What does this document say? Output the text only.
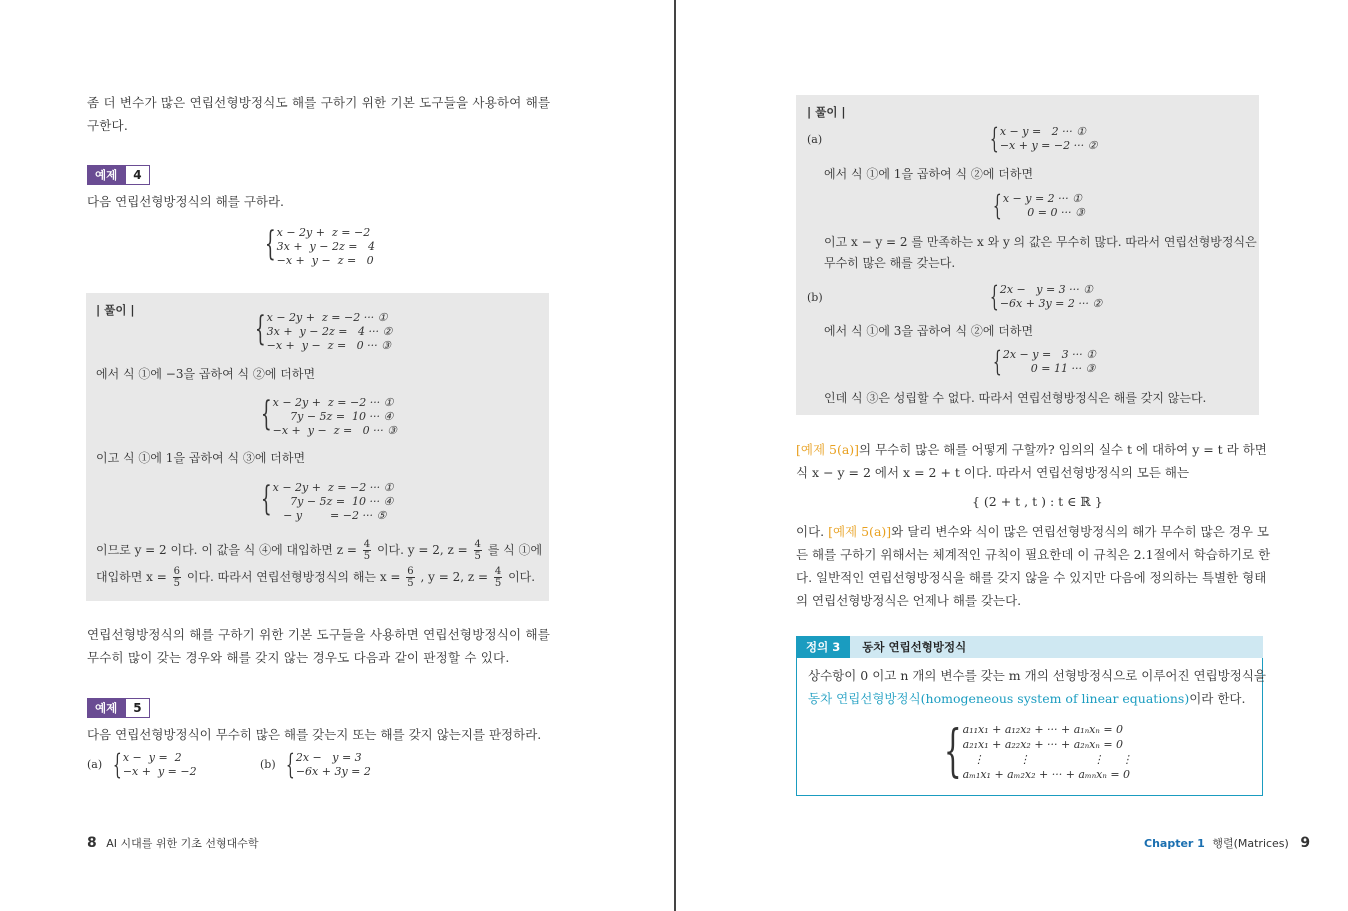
좀 더 변수가 많은 연립선형방정식도 해를 구하기 위한 기본 도구들을 사용하여 해를 구한다.
예제	4
다음 연립선형방정식의 해를 구하라.
{ x − 2y +  z = −2
3x +  y − 2z =   4
−x +  y −  z =   0
| 풀이 |	{ x − 2y +  z = −2 ··· ①
3x +  y − 2z =   4 ··· ②
−x +  y −  z =   0 ··· ③
에서 식 ①에 −3을 곱하여 식 ②에 더하면
{ x − 2y +  z = −2 ··· ①
7y − 5z =  10 ··· ④
−x +  y −  z =   0 ··· ③
이고 식 ①에 1을 곱하여 식 ③에 더하면
{ x − 2y +  z = −2 ··· ①
7y − 5z =  10 ··· ④
− y        = −2 ··· ⑤
이므로 y = 2 이다. 이 값을 식 ④에 대입하면 $z = \frac{4}{5}$ 이다. y = 2, $z = \frac{4}{5}$ 를 식 ①에
대입하면 $x = \frac{6}{5}$ 이다. 따라서 연립선형방정식의 해는 $x = \frac{6}{5}$ , y = 2, $z = \frac{4}{5}$ 이다.
연립선형방정식의 해를 구하기 위한 기본 도구들을 사용하면 연립선형방정식이 해를 무수히 많이 갖는 경우와 해를 갖지 않는 경우도 다음과 같이 판정할 수 있다.
예제	5
다음 연립선형방정식이 무수히 많은 해를 갖는지 또는 해를 갖지 않는지를 판정하라.
(a) { x −  y =  2
−x +  y = −2
(b) { 2x −   y = 3
−6x + 3y = 2
8 AI 시대를 위한 기초 선형대수학
| 풀이 |
(a)	{ x − y =   2 ··· ①
−x + y = −2 ··· ②
에서 식 ①에 1을 곱하여 식 ②에 더하면
{ x − y = 2 ··· ①
0 = 0 ··· ③
이고 x − y = 2 를 만족하는 x 와 y 의 값은 무수히 많다. 따라서 연립선형방정식은
무수히 많은 해를 갖는다.
(b)	{ 2x −   y = 3 ··· ①
−6x + 3y = 2 ··· ②
에서 식 ①에 3을 곱하여 식 ②에 더하면
{ 2x − y =   3 ··· ①
0 = 11 ··· ③
인데 식 ③은 성립할 수 없다. 따라서 연립선형방정식은 해를 갖지 않는다.
[예제 5(a)]의 무수히 많은 해를 어떻게 구할까? 임의의 실수 t 에 대하여 y = t 라 하면
식 x − y = 2 에서 x = 2 + t 이다. 따라서 연립선형방정식의 모든 해는
{ (2 + t , t ) : t ∈ ℝ }
이다. [예제 5(a)]와 달리 변수와 식이 많은 연립선형방정식의 해가 무수히 많은 경우 모
든 해를 구하기 위해서는 체계적인 규칙이 필요한데 이 규칙은 2.1절에서 학습하기로 한
다. 일반적인 연립선형방정식을 해를 갖지 않을 수 있지만 다음에 정의하는 특별한 형태
의 연립선형방정식은 언제나 해를 갖는다.
정의 3	동차 연립선형방정식
상수항이 0 이고 n 개의 변수를 갖는 m 개의 선형방정식으로 이루어진 연립방정식을
동차 연립선형방정식(homogeneous system of linear equations)이라 한다.
{ a₁₁x₁ + a₁₂x₂ + ··· + a₁ₙxₙ = 0
a₂₁x₁ + a₂₂x₂ + ··· + a₂ₙxₙ = 0
⋮          ⋮                  ⋮     ⋮
aₘ₁x₁ + aₘ₂x₂ + ··· + aₘₙxₙ = 0
Chapter 1 행렬(Matrices) 9
